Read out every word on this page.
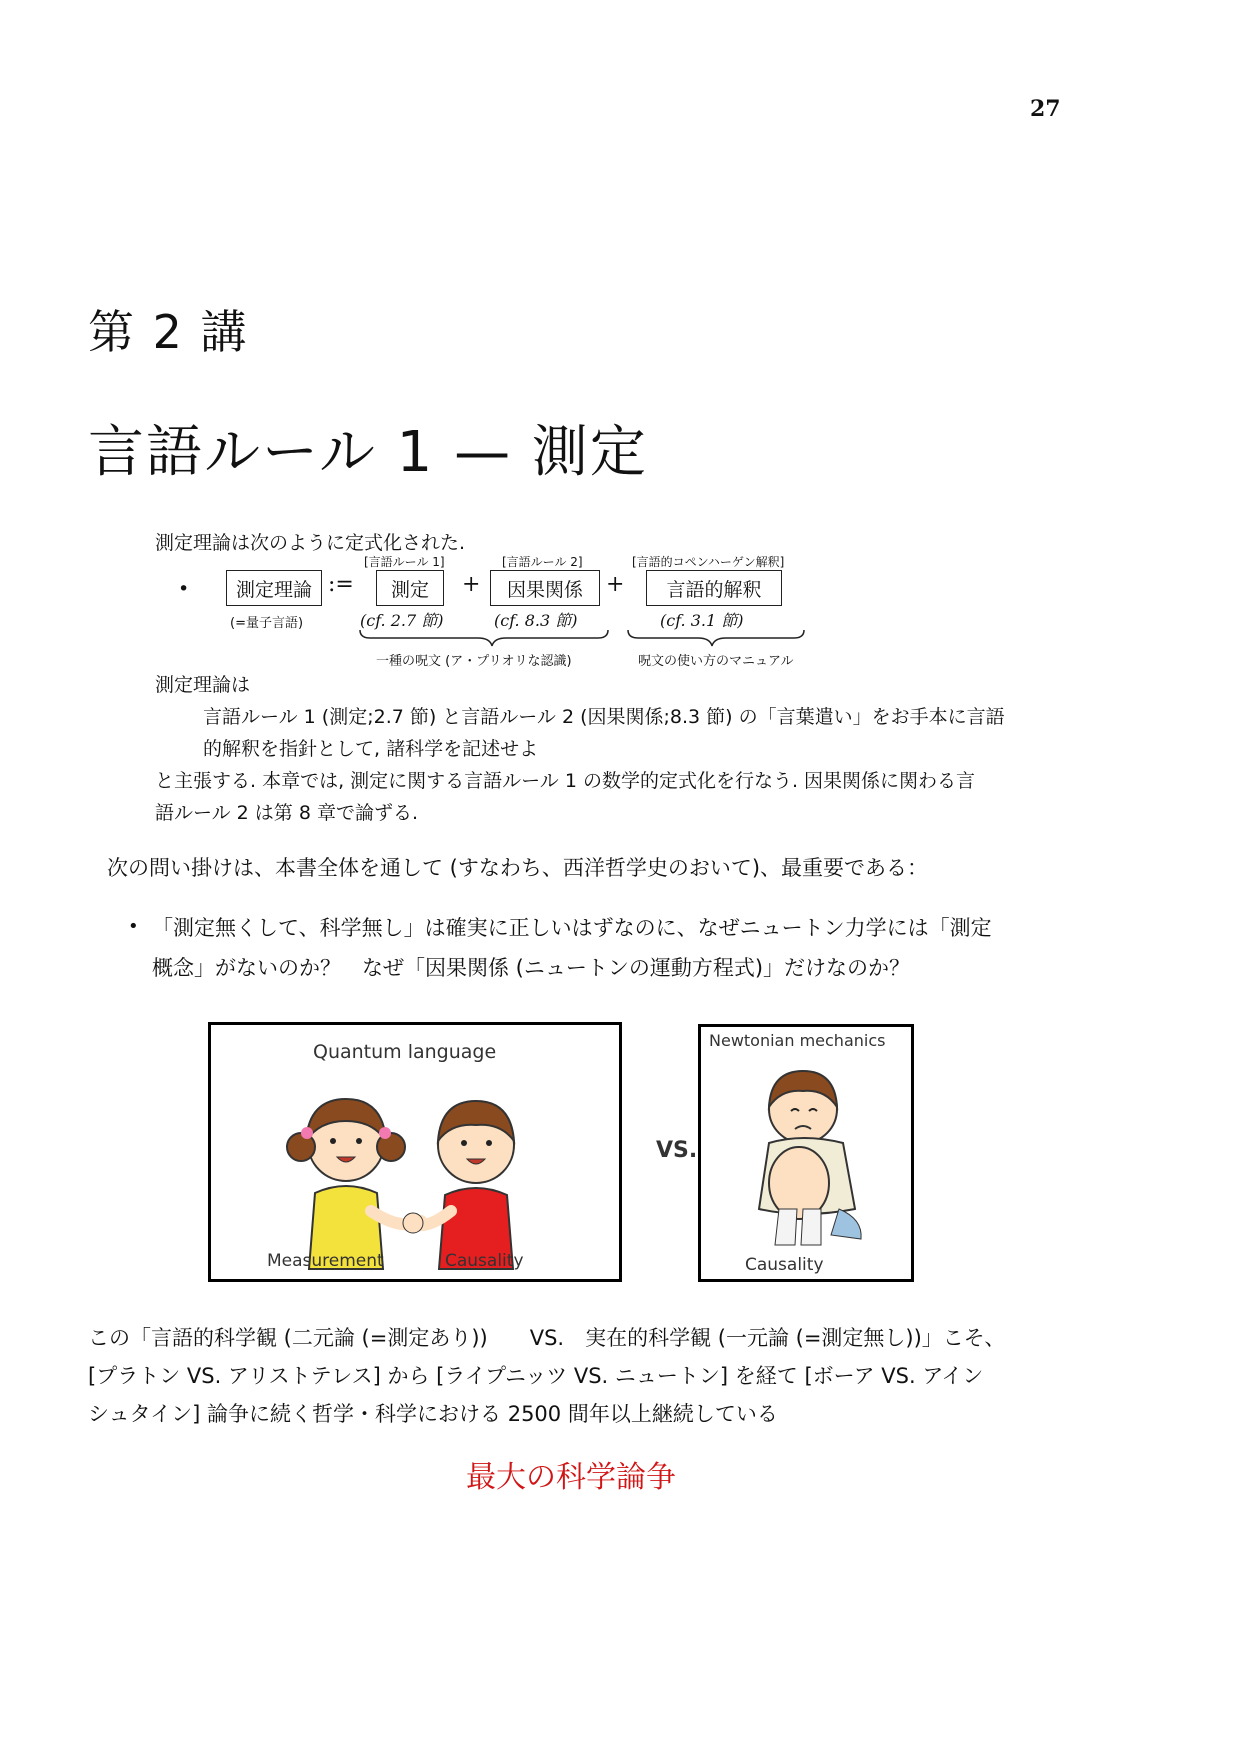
27
第 2 講
言語ルール 1 — 測定
測定理論は次のように定式化された.
[言語ルール 1]	[言語ルール 2]	[言語的コペンハーゲン解釈]
•	測定理論 :=	測定	+	因果関係	+	言語的解釈
(=量子言語)	(cf. 2.7 節)	(cf. 8.3 節)	(cf. 3.1 節)
一種の呪文 (ア・プリオリな認識)	呪文の使い方のマニュアル
測定理論は
言語ルール 1 (測定;2.7 節) と言語ルール 2 (因果関係;8.3 節) の「言葉遣い」をお手本に言語
的解釈を指針として, 諸科学を記述せよ
と主張する. 本章では, 測定に関する言語ルール 1 の数学的定式化を行なう. 因果関係に関わる言
語ルール 2 は第 8 章で論ずる.
次の問い掛けは、本書全体を通して (すなわち、西洋哲学史のおいて)、最重要である：
• 「測定無くして、科学無し」は確実に正しいはずなのに、なぜニュートン力学には「測定
概念」がないのか？　なぜ「因果関係 (ニュートンの運動方程式)」だけなのか？
Quantum language
Measurement	Causality
VS.
Newtonian mechanics
Causality
この「言語的科学観 (二元論 (=測定あり))　　VS.　実在的科学観 (一元論 (=測定無し))」こそ、
[プラトン VS. アリストテレス] から [ライプニッツ VS. ニュートン] を経て [ボーア VS. アイン
シュタイン] 論争に続く哲学・科学における 2500 間年以上継続している
最大の科学論争
